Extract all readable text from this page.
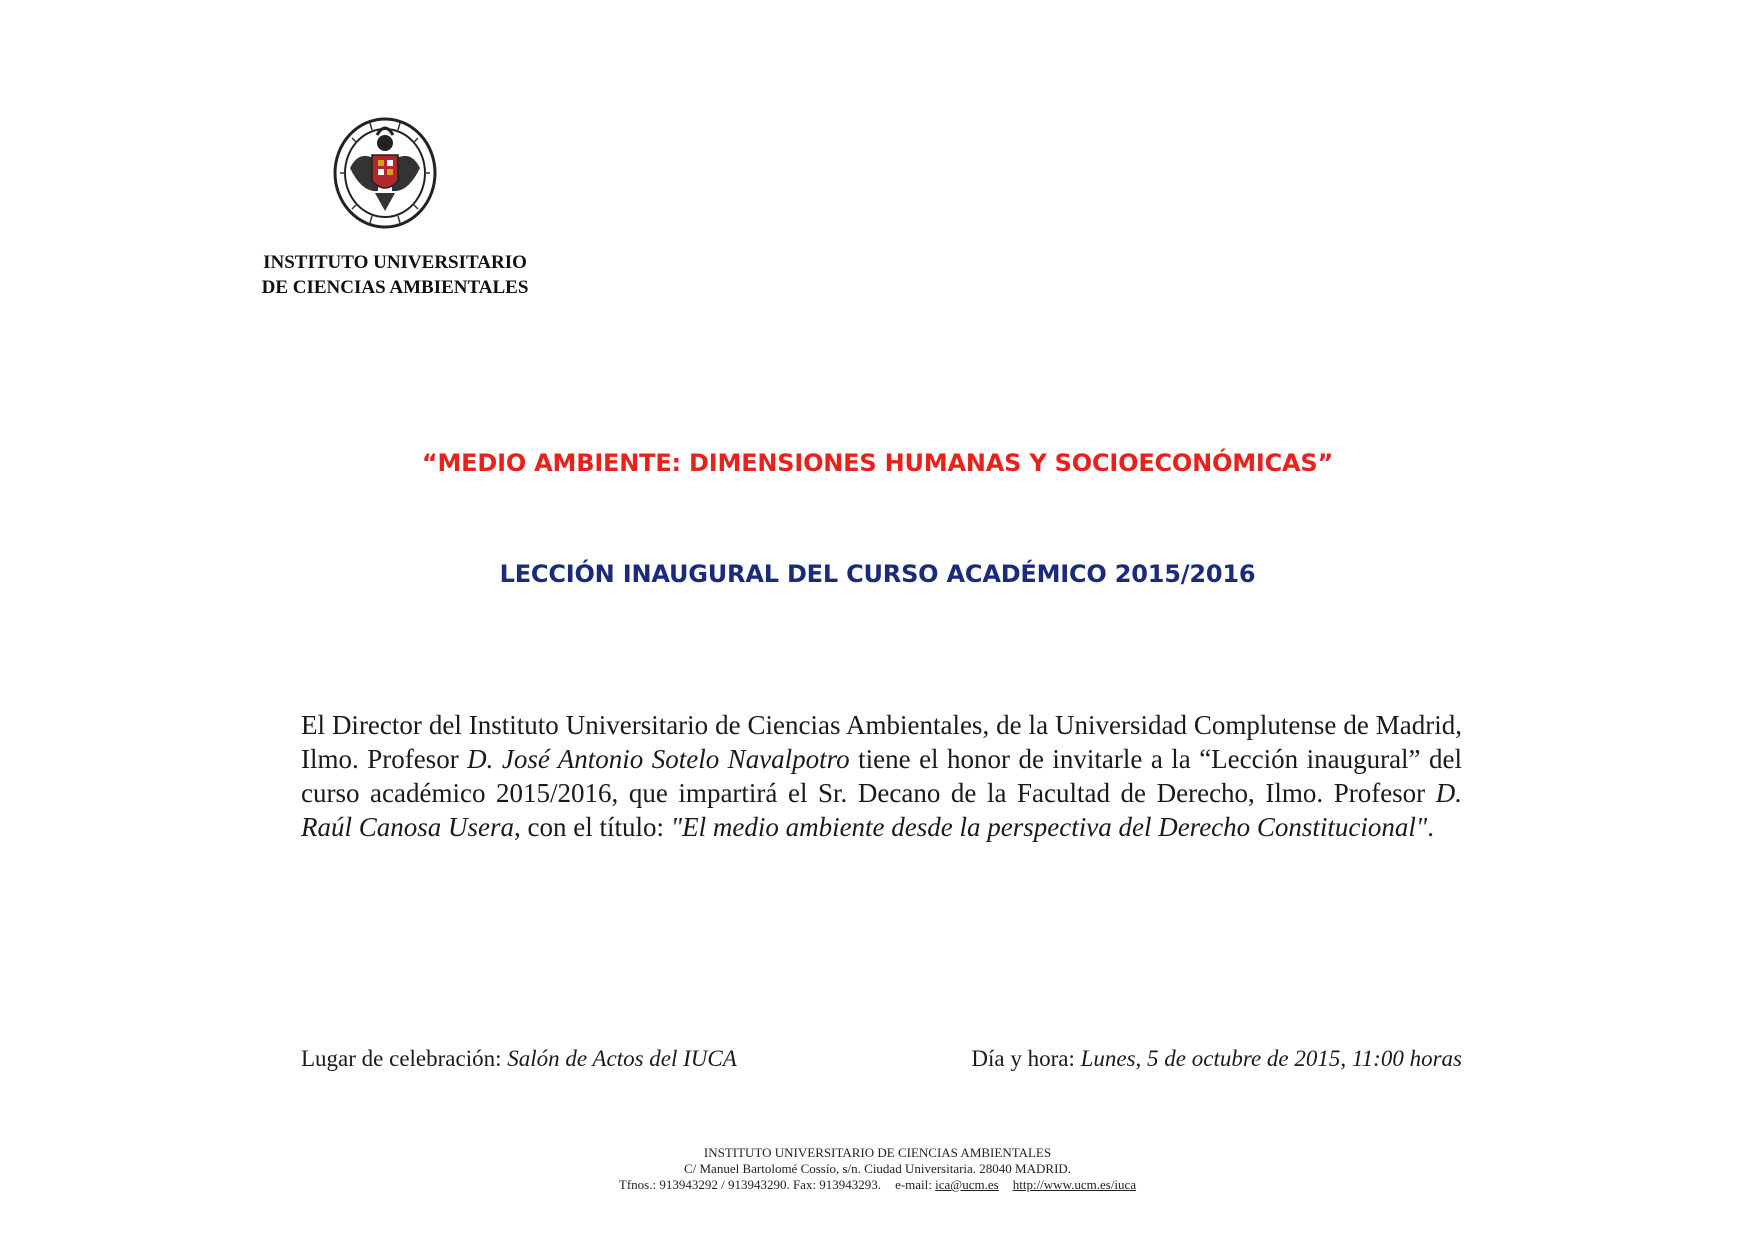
INSTITUTO UNIVERSITARIO
DE CIENCIAS AMBIENTALES
“MEDIO AMBIENTE: DIMENSIONES HUMANAS Y SOCIOECONÓMICAS”
LECCIÓN INAUGURAL DEL CURSO ACADÉMICO 2015/2016
El Director del Instituto Universitario de Ciencias Ambientales, de la Universidad Complutense de Madrid, Ilmo. Profesor D. José Antonio Sotelo Navalpotro tiene el honor de invitarle a la “Lección inaugural” del curso académico 2015/2016, que impartirá el Sr. Decano de la Facultad de Derecho, Ilmo. Profesor D. Raúl Canosa Usera, con el título: "El medio ambiente desde la perspectiva del Derecho Constitucional".
Lugar de celebración: Salón de Actos del IUCA	Día y hora: Lunes, 5 de octubre de 2015, 11:00 horas
INSTITUTO UNIVERSITARIO DE CIENCIAS AMBIENTALES
C/ Manuel Bartolomé Cossío, s/n. Ciudad Universitaria. 28040 MADRID.
Tfnos.: 913943292 / 913943290. Fax: 913943293. e-mail: ica@ucm.es http://www.ucm.es/iuca
